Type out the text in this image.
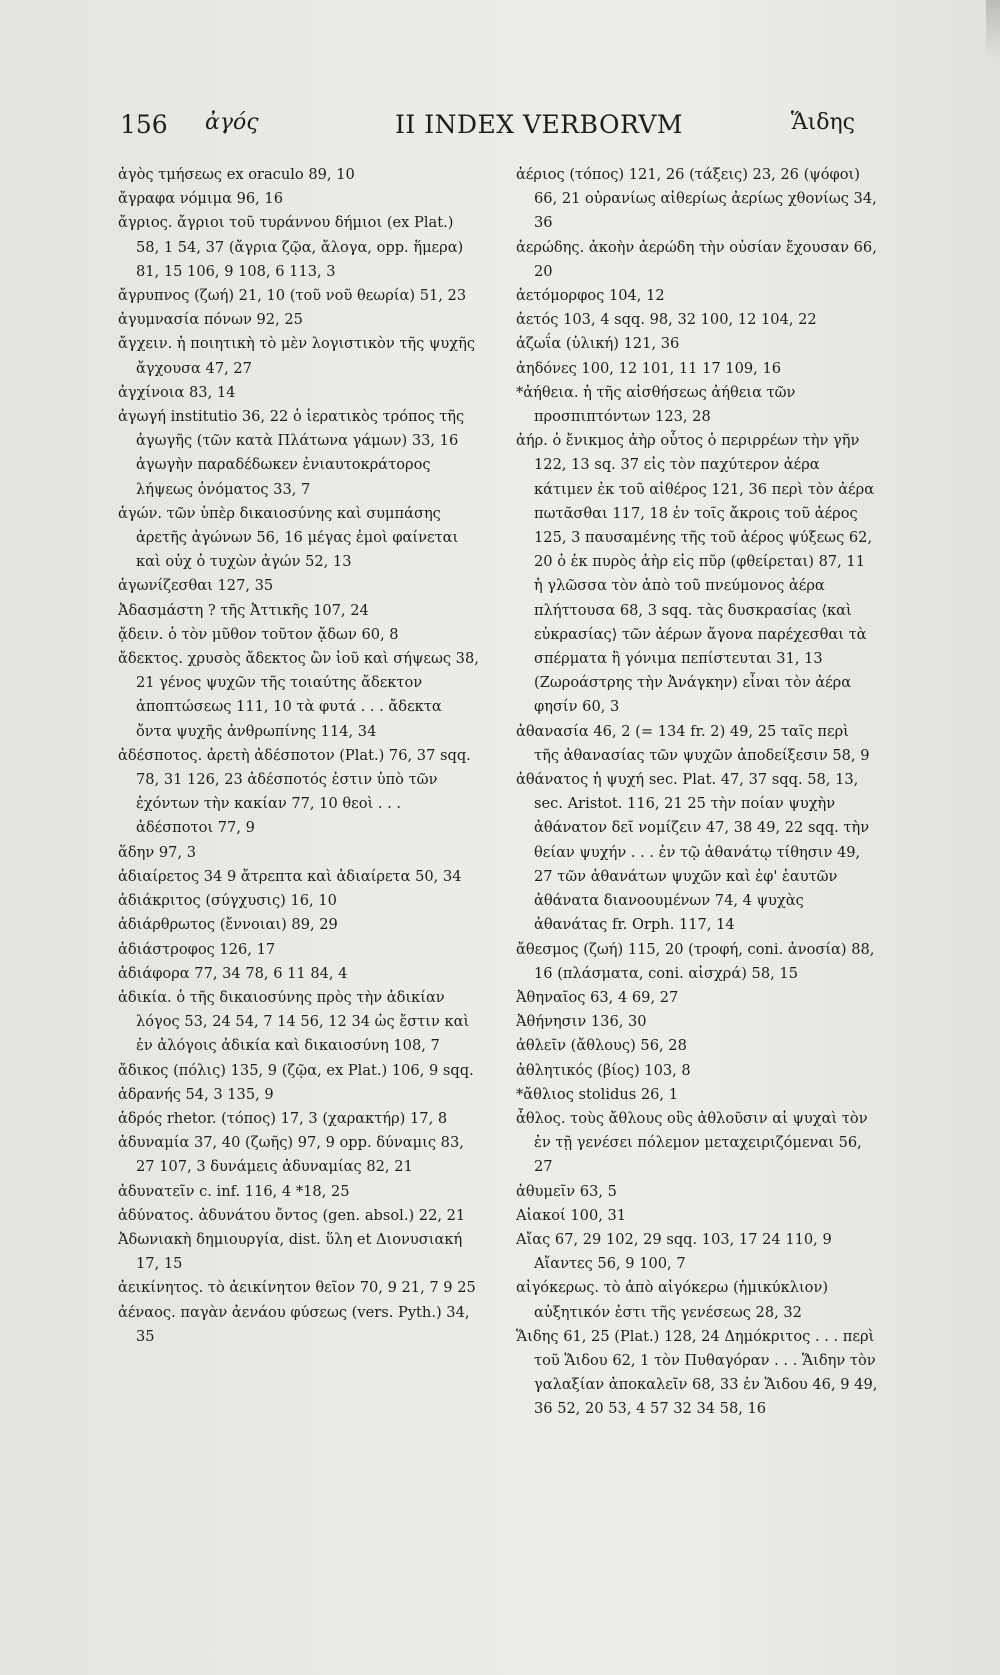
156 ἀγός	II INDEX VERBORVM	Ἅιδης

ἀγὸς τμήσεως ex oraculo 89, 10

ἄγραφα νόμιμα 96, 16

ἄγριος. ἄγριοι τοῦ τυράννου δήμιοι (ex Plat.) 58, 1 54, 37 (ἄγρια ζῷα, ἄλογα, opp. ἥμερα) 81, 15 106, 9 108, 6 113, 3

ἄγρυπνος (ζωή) 21, 10 (τοῦ νοῦ θεωρία) 51, 23

ἀγυμνασία πόνων 92, 25

ἄγχειν. ἡ ποιητικὴ τὸ μὲν λογιστικὸν τῆς ψυχῆς ἄγχουσα 47, 27

ἀγχίνοια 83, 14

ἀγωγή institutio 36, 22 ὁ ἱερατικὸς τρόπος τῆς ἀγωγῆς (τῶν κατὰ Πλάτωνα γάμων) 33, 16 ἀγωγὴν παραδέδωκεν ἐνιαυτοκράτορος λήψεως ὀνόματος 33, 7

ἀγών. τῶν ὑπὲρ δικαιοσύνης καὶ συμπάσης ἀρετῆς ἀγώνων 56, 16 μέγας ἐμοὶ φαίνεται καὶ οὐχ ὁ τυχὼν ἀγών 52, 13

ἀγωνίζεσθαι 127, 35

Ἀδασμάστη ? τῆς Ἀττικῆς 107, 24

ᾄδειν. ὁ τὸν μῦθον τοῦτον ᾄδων 60, 8

ἄδεκτος. χρυσὸς ἄδεκτος ὢν ἰοῦ καὶ σήψεως 38, 21 γένος ψυχῶν τῆς τοιαύτης ἄδεκτον ἀποπτώσεως 111, 10 τὰ φυτά . . . ἄδεκτα ὄντα ψυχῆς ἀνθρωπίνης 114, 34

ἀδέσποτος. ἀρετὴ ἀδέσποτον (Plat.) 76, 37 sqq. 78, 31 126, 23 ἀδέσποτός ἐστιν ὑπὸ τῶν ἐχόντων τὴν κακίαν 77, 10 θεοὶ . . . ἀδέσποτοι 77, 9

ἅδην 97, 3

ἀδιαίρετος 34 9 ἄτρεπτα καὶ ἀδιαίρετα 50, 34

ἀδιάκριτος (σύγχυσις) 16, 10

ἀδιάρθρωτος (ἔννοιαι) 89, 29

ἀδιάστροφος 126, 17

ἀδιάφορα 77, 34 78, 6 11 84, 4

ἀδικία. ὁ τῆς δικαιοσύνης πρὸς τὴν ἀδικίαν λόγος 53, 24 54, 7 14 56, 12 34 ὡς ἔστιν καὶ ἐν ἀλόγοις ἀδικία καὶ δικαιοσύνη 108, 7

ἄδικος (πόλις) 135, 9 (ζῷα, ex Plat.) 106, 9 sqq.

ἀδρανής 54, 3 135, 9

ἁδρός rhetor. (τόπος) 17, 3 (χαρακτήρ) 17, 8

ἀδυναμία 37, 40 (ζωῆς) 97, 9 opp. δύναμις 83, 27 107, 3 δυνάμεις ἀδυναμίας 82, 21

ἀδυνατεῖν c. inf. 116, 4 *18, 25

ἀδύνατος. ἀδυνάτου ὄντος (gen. absol.) 22, 21

Ἀδωνιακὴ δημιουργία, dist. ὕλη et Διονυσιακή 17, 15

ἀεικίνητος. τὸ ἀεικίνητον θεῖον 70, 9 21, 7 9 25

ἀέναος. παγὰν ἀενάου φύσεως (vers. Pyth.) 34, 35

ἀέριος (τόπος) 121, 26 (τάξεις) 23, 26 (ψόφοι) 66, 21 οὐρανίως αἰθερίως ἀερίως χθονίως 34, 36

ἀερώδης. ἀκοὴν ἀερώδη τὴν οὐσίαν ἔχουσαν 66, 20

ἀετόμορφος 104, 12

ἀετός 103, 4 sqq. 98, 32 100, 12 104, 22

ἀζωΐα (ὑλική) 121, 36

ἀηδόνες 100, 12 101, 11 17 109, 16

*ἀήθεια. ἡ τῆς αἰσθήσεως ἀήθεια τῶν προσπιπτόντων 123, 28

ἀήρ. ὁ ἔνικμος ἀὴρ οὗτος ὁ περιρρέων τὴν γῆν 122, 13 sq. 37 εἰς τὸν παχύτερον ἀέρα κάτιμεν ἐκ τοῦ αἰθέρος 121, 36 περὶ τὸν ἀέρα πωτᾶσθαι 117, 18 ἐν τοῖς ἄκροις τοῦ ἀέρος 125, 3 παυσαμένης τῆς τοῦ ἀέρος ψύξεως 62, 20 ὁ ἐκ πυρὸς ἀὴρ εἰς πῦρ (φθείρεται) 87, 11 ἡ γλῶσσα τὸν ἀπὸ τοῦ πνεύμονος ἀέρα πλήττουσα 68, 3 sqq. τὰς δυσκρασίας ⟨καὶ εὐκρασίας⟩ τῶν ἀέρων ἄγονα παρέχεσθαι τὰ σπέρματα ἢ γόνιμα πεπίστευται 31, 13 (Ζωροάστρης τὴν Ἀνάγκην) εἶναι τὸν ἀέρα φησίν 60, 3

ἀθανασία 46, 2 (= 134 fr. 2) 49, 25 ταῖς περὶ τῆς ἀθανασίας τῶν ψυχῶν ἀποδείξεσιν 58, 9

ἀθάνατος ἡ ψυχή sec. Plat. 47, 37 sqq. 58, 13, sec. Aristot. 116, 21 25 τὴν ποίαν ψυχὴν ἀθάνατον δεῖ νομίζειν 47, 38 49, 22 sqq. τὴν θείαν ψυχήν . . . ἐν τῷ ἀθανάτῳ τίθησιν 49, 27 τῶν ἀθανάτων ψυχῶν καὶ ἐφ' ἑαυτῶν ἀθάνατα διανοουμένων 74, 4 ψυχὰς ἀθανάτας fr. Orph. 117, 14

ἄθεσμος (ζωή) 115, 20 (τροφή, coni. ἀνοσία) 88, 16 (πλάσματα, coni. αἰσχρά) 58, 15

Ἀθηναῖος 63, 4 69, 27

Ἀθήνησιν 136, 30

ἀθλεῖν (ἄθλους) 56, 28

ἀθλητικός (βίος) 103, 8

*ἄθλιος stolidus 26, 1

ἆθλος. τοὺς ἄθλους οὓς ἀθλοῦσιν αἱ ψυχαὶ τὸν ἐν τῇ γενέσει πόλεμον μεταχειριζόμεναι 56, 27

ἀθυμεῖν 63, 5

Αἰακοί 100, 31

Αἴας 67, 29 102, 29 sqq. 103, 17 24 110, 9 Αἴαντες 56, 9 100, 7

αἰγόκερως. τὸ ἀπὸ αἰγόκερω (ἡμικύκλιον) αὐξητικόν ἐστι τῆς γενέσεως 28, 32

Ἅιδης 61, 25 (Plat.) 128, 24 Δημόκριτος . . . περὶ τοῦ Ἅιδου 62, 1 τὸν Πυθαγόραν . . . Ἅιδην τὸν γαλαξίαν ἀποκαλεῖν 68, 33 ἐν Ἅιδου 46, 9 49, 36 52, 20 53, 4 57 32 34 58, 16
